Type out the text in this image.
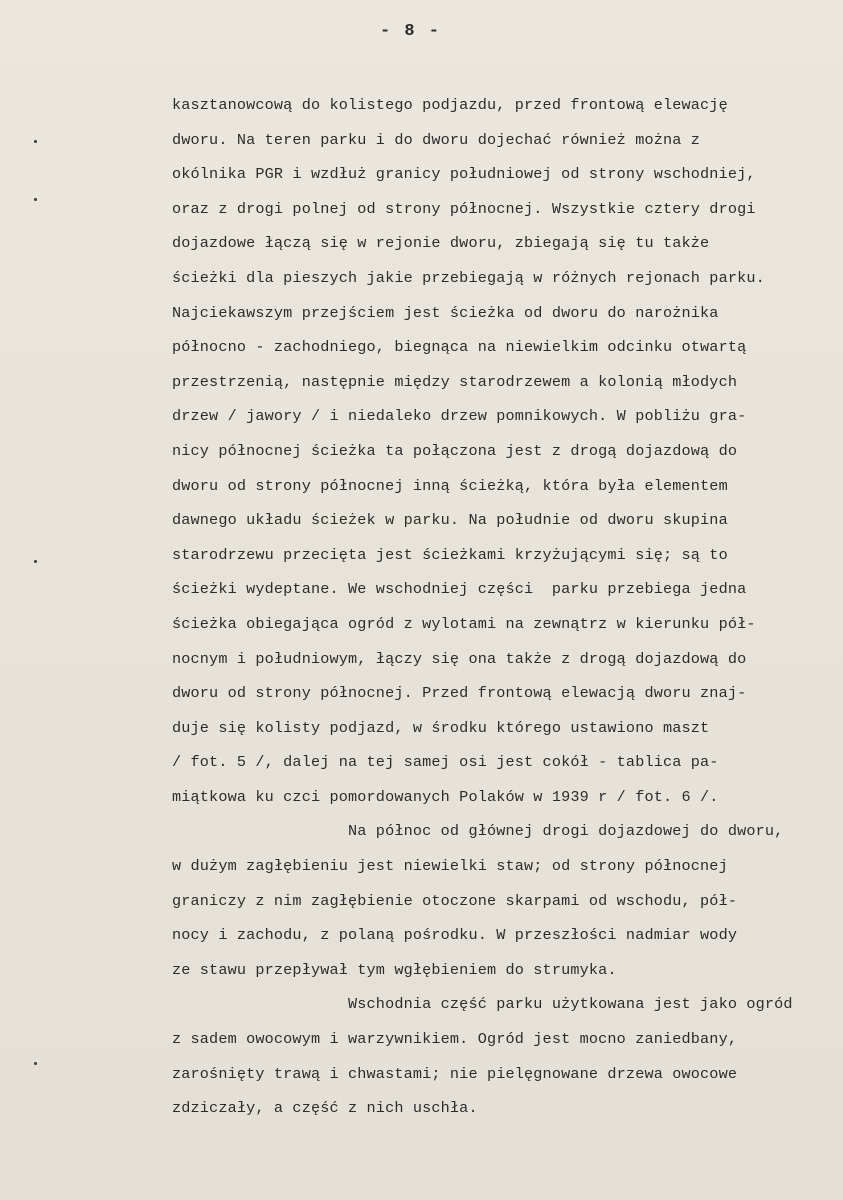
- 8 -
kasztanowcową do kolistego podjazdu, przed frontową elewację
dworu. Na teren parku i do dworu dojechać również można z
okólnika PGR i wzdłuż granicy południowej od strony wschodniej,
oraz z drogi polnej od strony północnej. Wszystkie cztery drogi
dojazdowe łączą się w rejonie dworu, zbiegają się tu także
ścieżki dla pieszych jakie przebiegają w różnych rejonach parku.
Najciekawszym przejściem jest ścieżka od dworu do narożnika
północno - zachodniego, biegnąca na niewielkim odcinku otwartą
przestrzenią, następnie między starodrzewem a kolonią młodych
drzew / jawory / i niedaleko drzew pomnikowych. W pobliżu gra-
nicy północnej ścieżka ta połączona jest z drogą dojazdową do
dworu od strony północnej inną ścieżką, która była elementem
dawnego układu ścieżek w parku. Na południe od dworu skupina
starodrzewu przecięta jest ścieżkami krzyżującymi się; są to
ścieżki wydeptane. We wschodniej części  parku przebiega jedna
ścieżka obiegająca ogród z wylotami na zewnątrz w kierunku pół-
nocnym i południowym, łączy się ona także z drogą dojazdową do
dworu od strony północnej. Przed frontową elewacją dworu znaj-
duje się kolisty podjazd, w środku którego ustawiono maszt
/ fot. 5 /, dalej na tej samej osi jest cokół - tablica pa-
miątkowa ku czci pomordowanych Polaków w 1939 r / fot. 6 /.
Na północ od głównej drogi dojazdowej do dworu,
w dużym zagłębieniu jest niewielki staw; od strony północnej
graniczy z nim zagłębienie otoczone skarpami od wschodu, pół-
nocy i zachodu, z polaną pośrodku. W przeszłości nadmiar wody
ze stawu przepływał tym wgłębieniem do strumyka.
Wschodnia część parku użytkowana jest jako ogród
z sadem owocowym i warzywnikiem. Ogród jest mocno zaniedbany,
zarośnięty trawą i chwastami; nie pielęgnowane drzewa owocowe
zdziczały, a część z nich uschła.
